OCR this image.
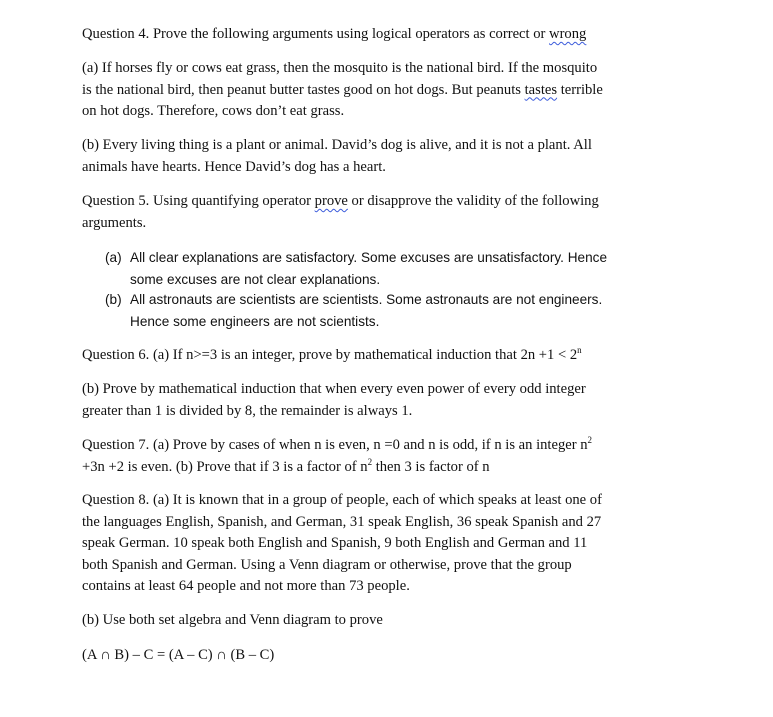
Question 4. Prove the following arguments using logical operators as correct or wrong

(a) If horses fly or cows eat grass, then the mosquito is the national bird. If the mosquito
is the national bird, then peanut butter tastes good on hot dogs. But peanuts tastes terrible
on hot dogs. Therefore, cows don’t eat grass.

(b) Every living thing is a plant or animal. David’s dog is alive, and it is not a plant. All
animals have hearts. Hence David’s dog has a heart.

Question 5. Using quantifying operator prove or disapprove the validity of the following
arguments.

(a) All clear explanations are satisfactory. Some excuses are unsatisfactory. Hence
some excuses are not clear explanations.
(b) All astronauts are scientists are scientists. Some astronauts are not engineers.
Hence some engineers are not scientists.

Question 6. (a) If n>=3 is an integer, prove by mathematical induction that $2n +1 < 2^n$

(b) Prove by mathematical induction that when every even power of every odd integer
greater than 1 is divided by 8, the remainder is always 1.

Question 7. (a) Prove by cases of when n is even, n =0 and n is odd, if n is an integer $n^2$
+3n +2 is even. (b) Prove that if 3 is a factor of $n^2$ then 3 is factor of n

Question 8. (a) It is known that in a group of people, each of which speaks at least one of
the languages English, Spanish, and German, 31 speak English, 36 speak Spanish and 27
speak German. 10 speak both English and Spanish, 9 both English and German and 11
both Spanish and German. Using a Venn diagram or otherwise, prove that the group
contains at least 64 people and not more than 73 people.

(b) Use both set algebra and Venn diagram to prove

(A ∩ B) – C = (A – C) ∩ (B – C)
